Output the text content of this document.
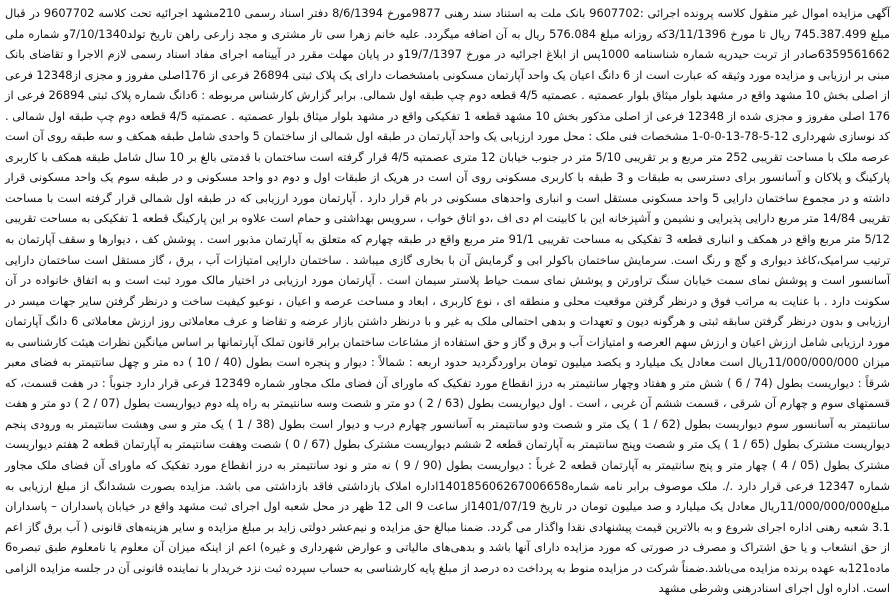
آگهی مزایده اموال غیر منقول کلاسه پرونده اجرائی :9607702 بانک ملت به استناد سند رهنی 9877مورخ 8/6/1394 دفتر اسناد رسمی 210مشهد اجرائیه تحت کلاسه 9607702 در قبال مبلغ 745.387.499 ریال تا مورخ 3/11/1396که روزانه مبلغ 576.084 ریال به آن اضافه میگردد. علیه خانم زهرا سی تار مشتری و مجد زارعی راهن تاریخ تولد7/10/1340و شماره ملی 6359561662صادر از تربت حیدریه شماره شناسنامه 1000پس از ابلاغ اجرائیه در مورخ 19/7/1397و در پایان مهلت مقرر در آیینامه اجرای مفاد اسناد رسمی لازم الاجرا و تقاضای بانک مبنی بر ارزیابی و مزایده مورد وثیقه که عبارت است از 6 دانگ اعیان یک واحد آپارتمان مسکونی بامشخصات دارای یک پلاک ثبتی 26894 فرعی از 176اصلی مفروز و مجزی از12348 فرعی از اصلی بخش 10 مشهد واقع در مشهد بلوار میثاق بلوار عصمتیه . عصمتیه 4/5 قطعه دوم چپ طبقه اول شمالی. برابر گزارش کارشناس مربوطه : 6دانگ شماره پلاک ثبتی 26894 فرعی از 176 اصلی مفروز و مجزی شده از 12348 فرعی از اصلی مذکور بخش 10 مشهد قطعه 1 تفکیکی واقع در مشهد بلوار میثاق بلوار عصمتیه . عصمتیه 4/5 قطعه دوم چپ طبقه اول شمالی . کد نوسازی شهرداری 12-5-78-13-0-0-1 مشخصات فنی ملک : محل مورد ارزیابی یک واحد آپارتمان در طبقه اول شمالی از ساختمان 5 واحدی شامل طبقه همکف و سه طبقه روی آن است عرصه ملک با مساحت تقریبی 252 متر مربع و بر تقریبی 5/10 متر در جنوب خیابان 12 متری عصمتیه 4/5 قرار گرفته است ساختمان با قدمتی بالغ بر 10 سال شامل طبقه همکف با کاربری پارکینگ و پلاکان و آسانسور برای دسترسی به طبقات و 3 طبقه با کاربری مسکونی روی آن است در هریک از طبقات اول و دوم دو واحد مسکونی و در طبقه سوم یک واحد مسکونی قرار داشته و در مجموع ساختمان دارایی 5 واحد مسکونی مستقل است و انباری واحدهای مسکونی در بام قرار دارد . آپارتمان مورد ارزیابی که در طبقه اول شمالی قرار گرفته است با مساحت تقریبی 14/84 متر مربع دارایی پذیرایی و نشیمن و آشپزخانه این با کابینت ام دی اف ،دو اتاق خواب ، سرویس بهداشتی و حمام است علاوه بر این پارکینگ قطعه 1 تفکیکی به مساحت تقریبی 5/12 متر مربع واقع در همکف و انباری قطعه 3 تفکیکی به مساحت تقریبی 91/1 متر مربع واقع در طبقه چهارم که متعلق به آپارتمان مذبور است . پوشش کف ، دیوارها و سقف آپارتمان به ترتیب سرامیک،کاغذ دیواری و گچ و رنگ است. سرمایش ساختمان باکولر ابی و گرمایش آن با بخاری گازی میباشد . ساختمان دارایی امتیازات آب ، برق ، گاز مستقل است ساختمان دارایی آسانسور است و پوشش نمای سمت خیابان سنگ تراورتن و پوشش نمای سمت حیاط پلاستر سیمان است . آپارتمان مورد ارزیابی در اختیار مالک مورد ثبت است و به اتفاق خانواده در آن سکونت دارد . با عنایت به مراتب فوق و درنظر گرفتن موقعیت محلی و منطقه ای ، نوع کاربری ، ابعاد و مساحت عرصه و اعیان ، نوعیو کیفیت ساخت و درنظر گرفتن سایر جهات میسر در ارزیابی و بدون درنظر گرفتن سابقه ثبتی و هرگونه دیون و تعهدات و بدهی احتمالی ملک به غیر و با درنظر داشتن بازار عرضه و تقاضا و عرف معاملاتی روز ارزش معاملاتی 6 دانگ آپارتمان مورد ارزیابی شامل ارزش اعیان و ارزش سهم العرصه و امتیازات آب و برق و گاز و حق استفاده از مشاعات ساختمان برابر قانون تملک آپارتمانها بر اساس میانگین نظرات هیئت کارشناسی به میزان 11/000/000/000ریال است معادل یک میلیارد و یکصد میلیون تومان براوردگردید حدود اربعه : شمالاً : دیوار و پنجره است بطول (40 / 10 ) ده متر و چهل سانتیمتر به فضای معبر شرقاً : دیواریست بطول (74 / 6 ) شش متر و هفتاد وچهار سانتیمتر به درز انقطاع مورد تفکیک که ماورای آن فضای ملک مجاور شماره 12349 فرعی قرار دارد جنوباً : در هفت قسمت، که قسمتهای سوم و چهارم آن شرقی ، قسمت ششم آن غربی ، است . اول دیواریست بطول (63 / 2 ) دو متر و شصت وسه سانتیمتر به راه پله دوم دیواریست بطول (07 / 2 ) دو متر و هفت سانتیمتر به آسانسور سوم دیواریست بطول (62 / 1 ) یک متر و شصت ودو سانتیمتر به آسانسور چهارم درب و دیوار است بطول (38 / 1 ) یک متر و سی وهشت سانتیمتر به ورودی پنجم دیواریست مشترک بطول (65 / 1 ) یک متر و شصت وپنج سانتیمتر به آپارتمان قطعه 2 ششم دیواریست مشترک بطول (67 / 0 ) شصت وهفت سانتیمتر به آپارتمان قطعه 2 هفتم دیواریست مشترک بطول (05 / 4 ) چهار متر و پنج سانتیمتر به آپارتمان قطعه 2 غرباً : دیواریست بطول (90 / 9 ) نه متر و نود سانتیمتر به درز انقطاع مورد تفکیک که ماورای آن فضای ملک مجاور شماره 12347 فرعی قرار دارد ./. ملک موصوف برابر نامه شماره14018560626700665‪8‬اداره املاک بازداشتی فاقد بازداشتی می باشد. مزایده بصورت ششدانگ از مبلغ ارزیابی به مبلغ11/000/000/000ریال معادل یک میلیارد و صد میلیون تومان در تاریخ 1401/07/19از ساعت 9 الی 12 ظهر در محل شعبه اول اجرای ثبت مشهد واقع در خیابان پاسداران – پاسداران 3.1 شعبه رهنی اداره اجرای شروع و به بالاترین قیمت پیشنهادی نقدا واگذار می گردد. ضمنا مبالغ حق مزایده و نیم‌عشر دولتی زاید بر مبلغ مزایده و سایر هزینه‌های قانونی ( آب برق گاز اعم از حق انشعاب و یا حق اشتراک و مصرف در صورتی که مورد مزایده دارای آنها باشد و بدهی‌های مالیاتی و عوارض شهرداری و غیره) اعم از اینکه میزان آن معلوم یا نامعلوم طبق تبصره6 ماده121به عهده برنده مزایده می‌باشد.ضمناً شرکت در مزایده منوط به پرداخت ده درصد از مبلغ پایه کارشناسی به حساب سپرده ثبت نزد خریدار با نماینده قانونی آن در جلسه مزایده الزامی است. اداره اول اجرای اسنادرهنی وشرطی مشهد
